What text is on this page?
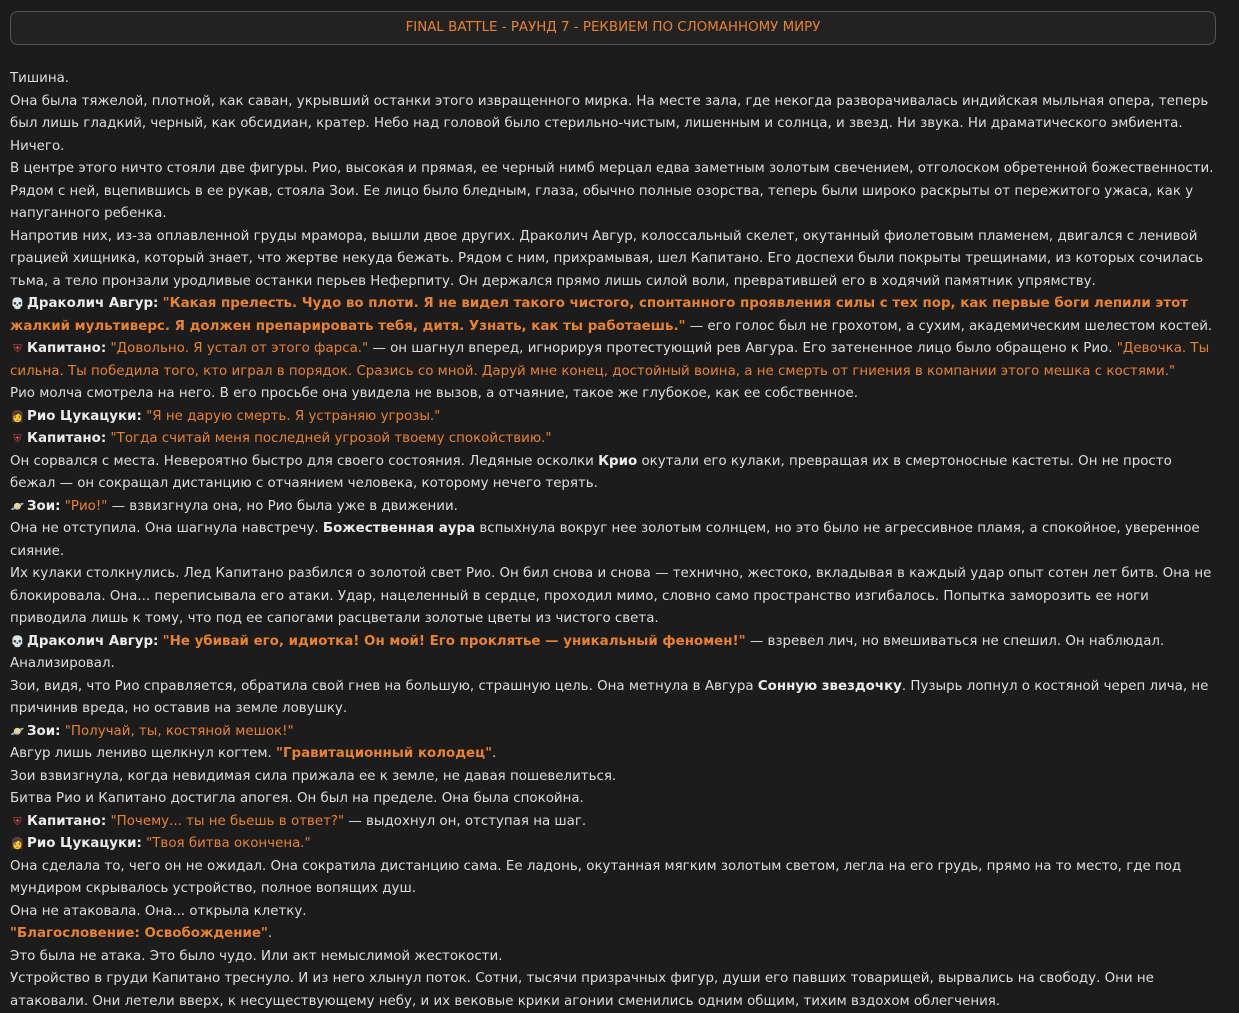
FINAL BATTLE - РАУНД 7 - РЕКВИЕМ ПО СЛОМАННОМУ МИРУ

Тишина.

Она была тяжелой, плотной, как саван, укрывший останки этого извращенного мирка. На месте зала, где некогда разворачивалась индийская мыльная опера, теперь был лишь гладкий, черный, как обсидиан, кратер. Небо над головой было стерильно-чистым, лишенным и солнца, и звезд. Ни звука. Ни драматического эмбиента. Ничего.

В центре этого ничто стояли две фигуры. Рио, высокая и прямая, ее черный нимб мерцал едва заметным золотым свечением, отголоском обретенной божественности. Рядом с ней, вцепившись в ее рукав, стояла Зои. Ее лицо было бледным, глаза, обычно полные озорства, теперь были широко раскрыты от пережитого ужаса, как у напуганного ребенка.

Напротив них, из-за оплавленной груды мрамора, вышли двое других. Драколич Авгур, колоссальный скелет, окутанный фиолетовым пламенем, двигался с ленивой грацией хищника, который знает, что жертве некуда бежать. Рядом с ним, прихрамывая, шел Капитано. Его доспехи были покрыты трещинами, из которых сочилась тьма, а тело пронзали уродливые останки перьев Неферпиту. Он держался прямо лишь силой воли, превратившей его в ходячий памятник упрямству.

💀 Драколич Авгур: "Какая прелесть. Чудо во плоти. Я не видел такого чистого, спонтанного проявления силы с тех пор, как первые боги лепили этот жалкий мультиверс. Я должен препарировать тебя, дитя. Узнать, как ты работаешь." — его голос был не грохотом, а сухим, академическим шелестом костей.

⛨ Капитано: "Довольно. Я устал от этого фарса." — он шагнул вперед, игнорируя протестующий рев Авгура. Его затененное лицо было обращено к Рио. "Девочка. Ты сильна. Ты победила того, кто играл в порядок. Сразись со мной. Даруй мне конец, достойный воина, а не смерть от гниения в компании этого мешка с костями."

Рио молча смотрела на него. В его просьбе она увидела не вызов, а отчаяние, такое же глубокое, как ее собственное.

👩 Рио Цукацуки: "Я не дарую смерть. Я устраняю угрозы."

⛨ Капитано: "Тогда считай меня последней угрозой твоему спокойствию."

Он сорвался с места. Невероятно быстро для своего состояния. Ледяные осколки Крио окутали его кулаки, превращая их в смертоносные кастеты. Он не просто бежал — он сокращал дистанцию с отчаянием человека, которому нечего терять.

🪐 Зои: "Рио!" — взвизгнула она, но Рио была уже в движении.

Она не отступила. Она шагнула навстречу. Божественная аура вспыхнула вокруг нее золотым солнцем, но это было не агрессивное пламя, а спокойное, уверенное сияние.

Их кулаки столкнулись. Лед Капитано разбился о золотой свет Рио. Он бил снова и снова — технично, жестоко, вкладывая в каждый удар опыт сотен лет битв. Она не блокировала. Она... переписывала его атаки. Удар, нацеленный в сердце, проходил мимо, словно само пространство изгибалось. Попытка заморозить ее ноги приводила лишь к тому, что под ее сапогами расцветали золотые цветы из чистого света.

💀 Драколич Авгур: "Не убивай его, идиотка! Он мой! Его проклятье — уникальный феномен!" — взревел лич, но вмешиваться не спешил. Он наблюдал. Анализировал.

Зои, видя, что Рио справляется, обратила свой гнев на большую, страшную цель. Она метнула в Авгура Сонную звездочку. Пузырь лопнул о костяной череп лича, не причинив вреда, но оставив на земле ловушку.

🪐 Зои: "Получай, ты, костяной мешок!"

Авгур лишь лениво щелкнул когтем. "Гравитационный колодец".

Зои взвизгнула, когда невидимая сила прижала ее к земле, не давая пошевелиться.

Битва Рио и Капитано достигла апогея. Он был на пределе. Она была спокойна.

⛨ Капитано: "Почему... ты не бьешь в ответ?" — выдохнул он, отступая на шаг.

👩 Рио Цукацуки: "Твоя битва окончена."

Она сделала то, чего он не ожидал. Она сократила дистанцию сама. Ее ладонь, окутанная мягким золотым светом, легла на его грудь, прямо на то место, где под мундиром скрывалось устройство, полное вопящих душ.

Она не атаковала. Она... открыла клетку.

"Благословение: Освобождение".

Это была не атака. Это было чудо. Или акт немыслимой жестокости.

Устройство в груди Капитано треснуло. И из него хлынул поток. Сотни, тысячи призрачных фигур, души его павших товарищей, вырвались на свободу. Они не атаковали. Они летели вверх, к несуществующему небу, и их вековые крики агонии сменились одним общим, тихим вздохом облегчения.
